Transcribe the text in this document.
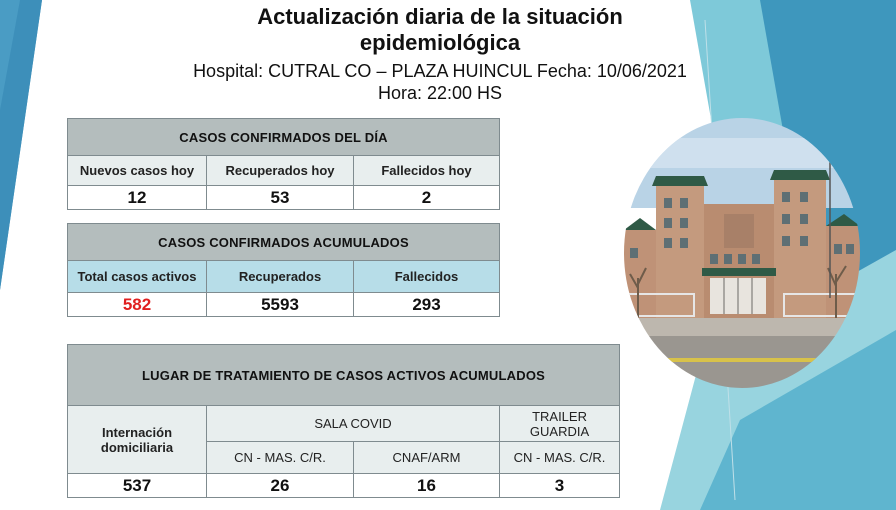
Actualización diaria de la situación
epidemiológica
Hospital: CUTRAL CO – PLAZA HUINCUL Fecha: 10/06/2021
Hora: 22:00 HS
CASOS CONFIRMADOS DEL DÍA		
Nuevos casos hoy	Recuperados hoy	Fallecidos hoy
12	53	2
CASOS CONFIRMADOS ACUMULADOS		
Total casos activos	Recuperados	Fallecidos
582	5593	293
LUGAR DE TRATAMIENTO DE CASOS ACTIVOS ACUMULADOS			
Internación domiciliaria	SALA COVID		TRAILER GUARDIA
	CN - MAS. C/R.	CNAF/ARM	CN - MAS. C/R.
537	26	16	3
